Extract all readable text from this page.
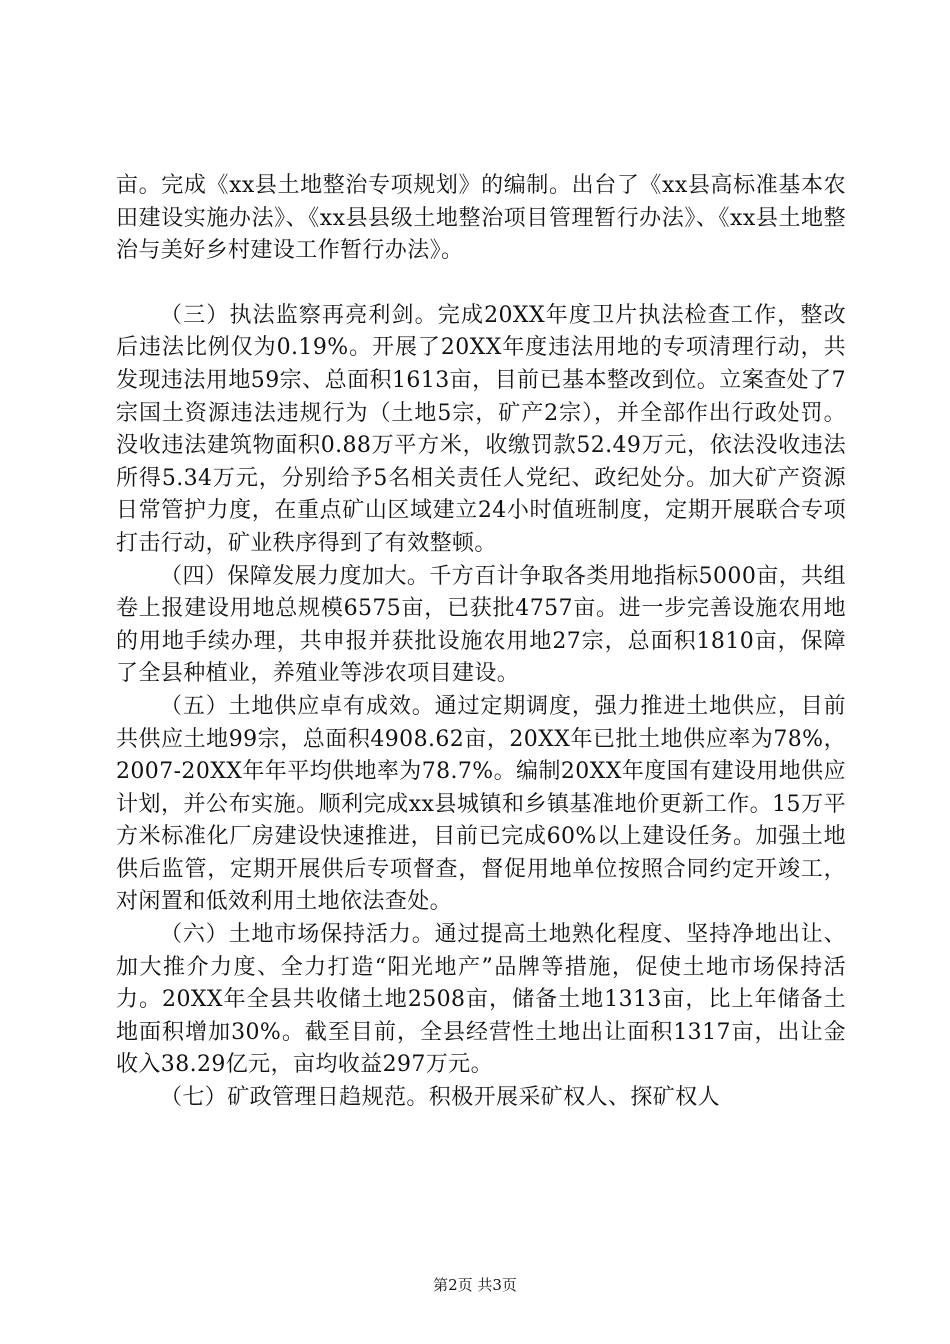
亩。完成《xx县土地整治专项规划》的编制。出台了《xx县高标准基本农田建设实施办法》、《xx县县级土地整治项目管理暂行办法》、《xx县土地整治与美好乡村建设工作暂行办法》。

（三）执法监察再亮利剑。完成20XX年度卫片执法检查工作，整改后违法比例仅为0.19%。开展了20XX年度违法用地的专项清理行动，共发现违法用地59宗、总面积1613亩，目前已基本整改到位。立案查处了7宗国土资源违法违规行为（土地5宗，矿产2宗），并全部作出行政处罚。没收违法建筑物面积0.88万平方米，收缴罚款52.49万元，依法没收违法所得5.34万元，分别给予5名相关责任人党纪、政纪处分。加大矿产资源日常管护力度，在重点矿山区域建立24小时值班制度，定期开展联合专项打击行动，矿业秩序得到了有效整顿。

（四）保障发展力度加大。千方百计争取各类用地指标5000亩，共组卷上报建设用地总规模6575亩，已获批4757亩。进一步完善设施农用地的用地手续办理，共申报并获批设施农用地27宗，总面积1810亩，保障了全县种植业，养殖业等涉农项目建设。

（五）土地供应卓有成效。通过定期调度，强力推进土地供应，目前共供应土地99宗，总面积4908.62亩，20XX年已批土地供应率为78%，2007-20XX年年平均供地率为78.7%。编制20XX年度国有建设用地供应计划，并公布实施。顺利完成xx县城镇和乡镇基准地价更新工作。15万平方米标准化厂房建设快速推进，目前已完成60%以上建设任务。加强土地供后监管，定期开展供后专项督查，督促用地单位按照合同约定开竣工，对闲置和低效利用土地依法查处。

（六）土地市场保持活力。通过提高土地熟化程度、坚持净地出让、加大推介力度、全力打造“阳光地产”品牌等措施，促使土地市场保持活力。20XX年全县共收储土地2508亩，储备土地1313亩，比上年储备土地面积增加30%。截至目前，全县经营性土地出让面积1317亩，出让金收入38.29亿元，亩均收益297万元。

（七）矿政管理日趋规范。积极开展采矿权人、探矿权人

第2页 共3页
